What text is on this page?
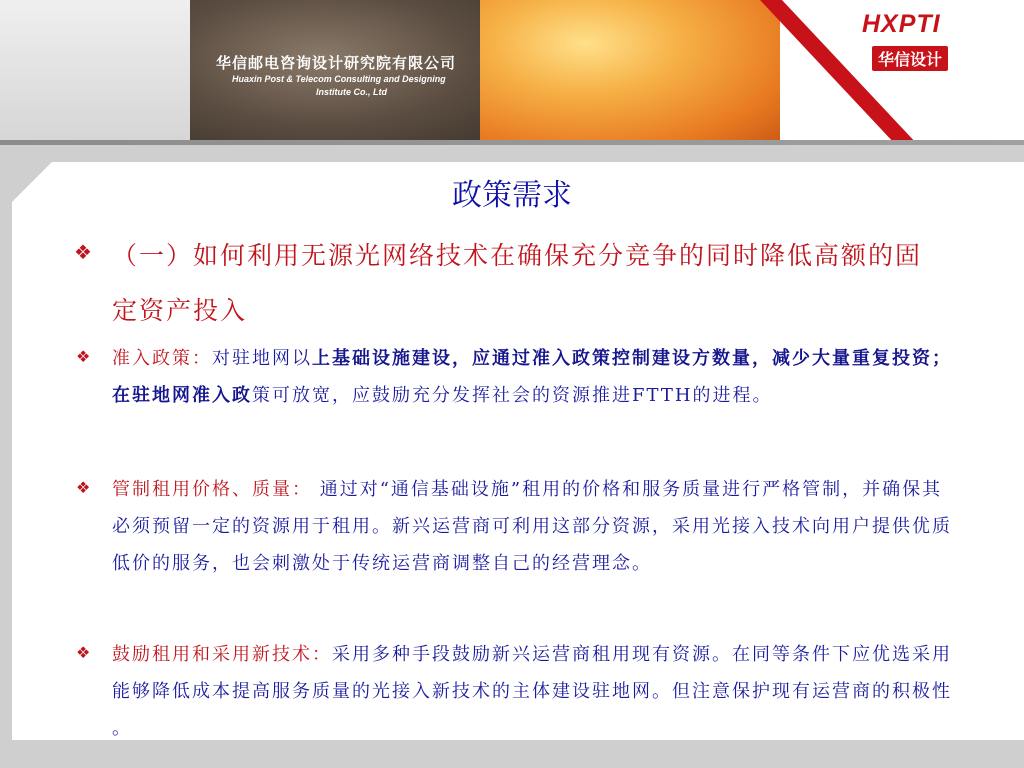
华信邮电咨询设计研究院有限公司
Huaxin Post & Telecom Consulting and Designing
Institute Co., Ltd
HXPTI
华信设计
政策需求
❖ （一）如何利用无源光网络技术在确保充分竞争的同时降低高额的固定资产投入
❖ 准入政策：对驻地网以上基础设施建设，应通过准入政策控制建设方数量，减少大量重复投资；在驻地网准入政策可放宽，应鼓励充分发挥社会的资源推进FTTH的进程。
❖ 管制租用价格、质量： 通过对“通信基础设施”租用的价格和服务质量进行严格管制，并确保其必须预留一定的资源用于租用。新兴运营商可利用这部分资源，采用光接入技术向用户提供优质低价的服务，也会刺激处于传统运营商调整自己的经营理念。
❖ 鼓励租用和采用新技术：采用多种手段鼓励新兴运营商租用现有资源。在同等条件下应优选采用能够降低成本提高服务质量的光接入新技术的主体建设驻地网。但注意保护现有运营商的积极性 。
